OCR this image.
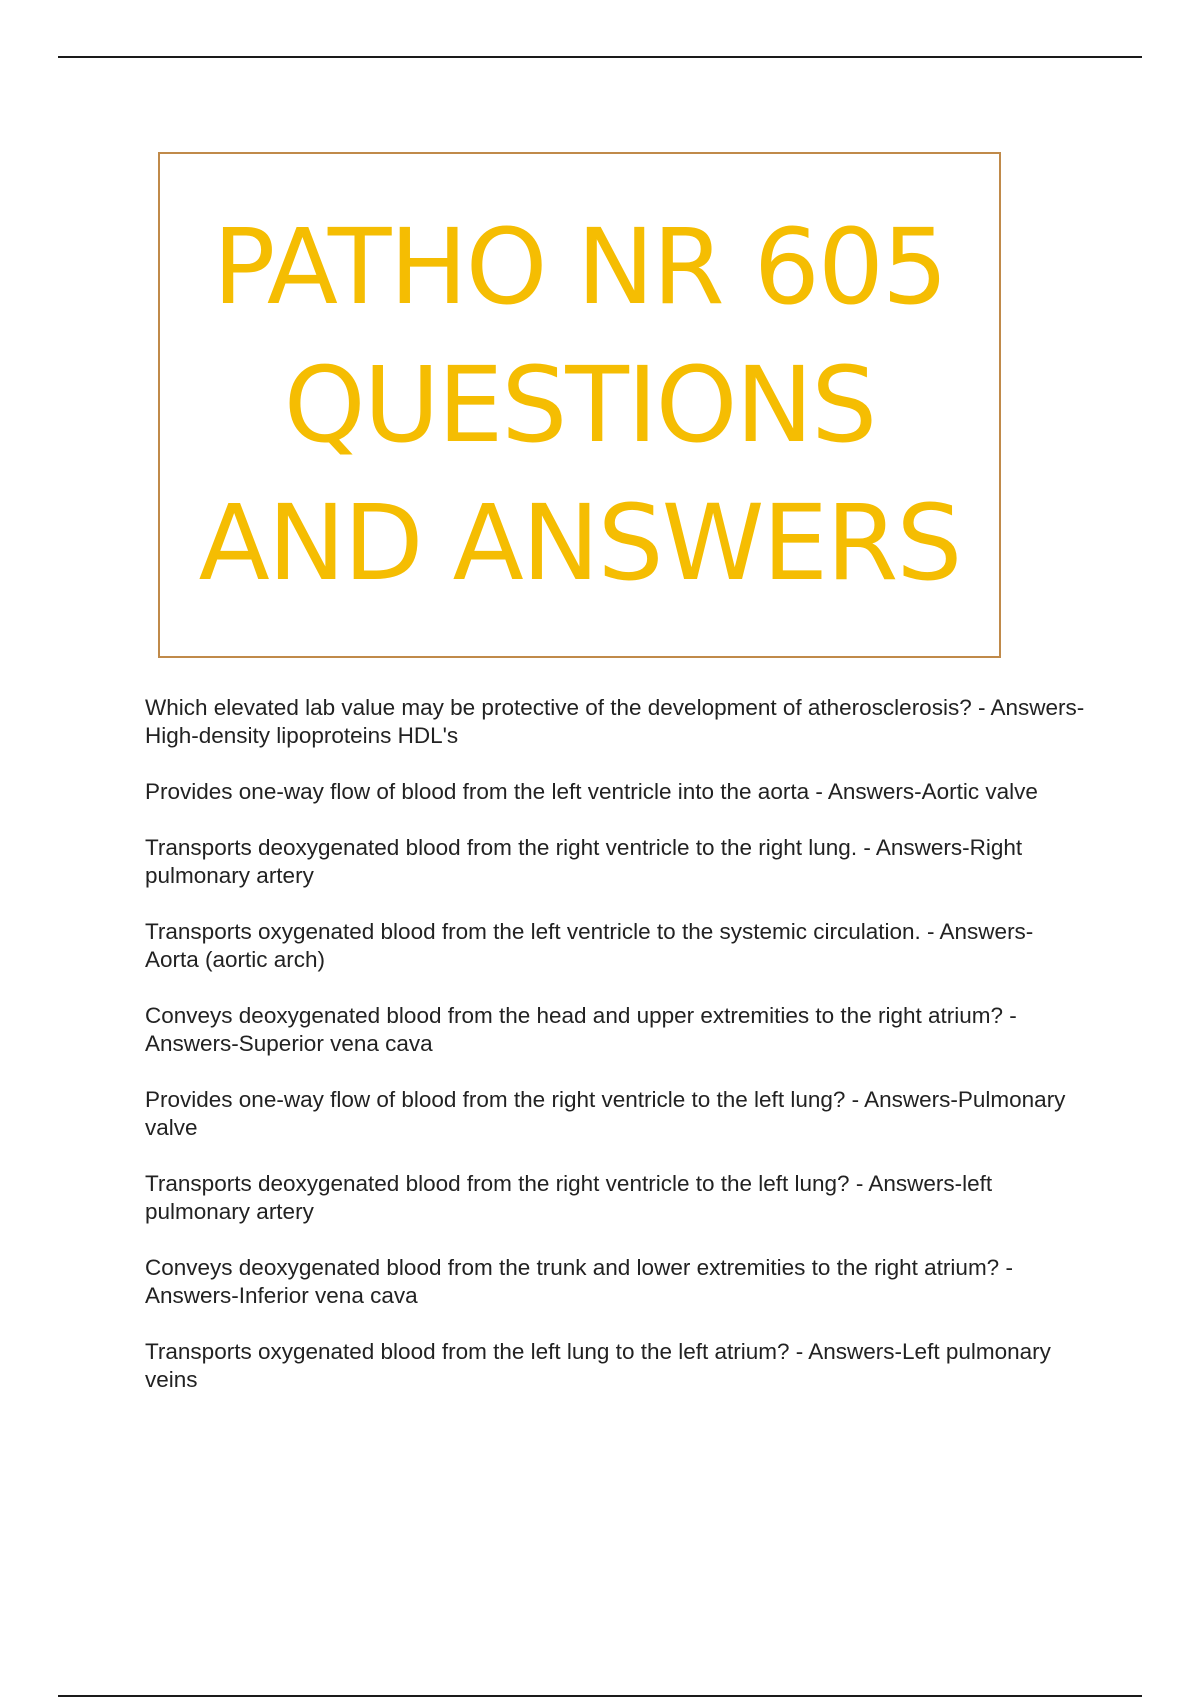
PATHO NR 605
QUESTIONS
AND ANSWERS
Which elevated lab value may be protective of the development of atherosclerosis? - Answers-High-density lipoproteins HDL's
Provides one-way flow of blood from the left ventricle into the aorta - Answers-Aortic valve
Transports deoxygenated blood from the right ventricle to the right lung. - Answers-Right pulmonary artery
Transports oxygenated blood from the left ventricle to the systemic circulation. - Answers-Aorta (aortic arch)
Conveys deoxygenated blood from the head and upper extremities to the right atrium? - Answers-Superior vena cava
Provides one-way flow of blood from the right ventricle to the left lung? - Answers-Pulmonary valve
Transports deoxygenated blood from the right ventricle to the left lung? - Answers-left pulmonary artery
Conveys deoxygenated blood from the trunk and lower extremities to the right atrium? - Answers-Inferior vena cava
Transports oxygenated blood from the left lung to the left atrium? - Answers-Left pulmonary veins
